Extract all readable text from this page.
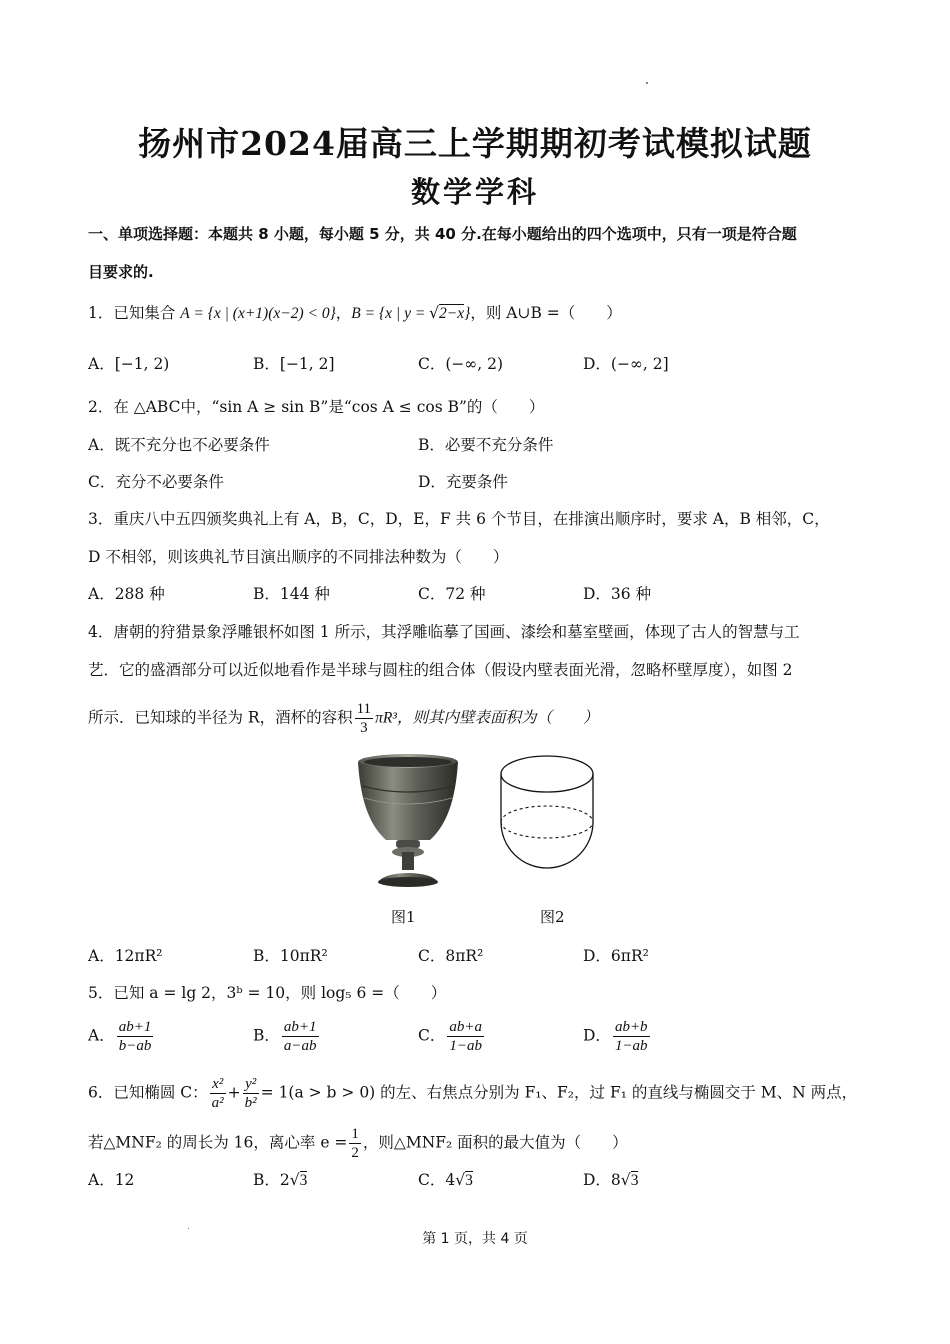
扬州市2024届高三上学期期初考试模拟试题
数学学科
一、单项选择题：本题共 8 小题，每小题 5 分，共 40 分.在每小题给出的四个选项中，只有一项是符合题
目要求的.
1．已知集合 A = {x | (x+1)(x−2) < 0}，B = {x | y = √2−x}，则 A∪B =（　　）
A．[−1, 2)	B．[−1, 2]	C．(−∞, 2)	D．(−∞, 2]
2．在 △ABC中，“sin A ≥ sin B”是“cos A ≤ cos B”的（　　）
A．既不充分也不必要条件	B．必要不充分条件
C．充分不必要条件	D．充要条件
3．重庆八中五四颁奖典礼上有 A，B，C，D，E，F 共 6 个节目，在排演出顺序时，要求 A，B 相邻，C，
D 不相邻，则该典礼节目演出顺序的不同排法种数为（　　）
A．288 种	B．144 种	C．72 种	D．36 种
4．唐朝的狩猎景象浮雕银杯如图 1 所示，其浮雕临摹了国画、漆绘和墓室壁画，体现了古人的智慧与工
艺．它的盛酒部分可以近似地看作是半球与圆柱的组合体（假设内壁表面光滑，忽略杯壁厚度），如图 2
所示．已知球的半径为 R，酒杯的容积 $\frac{11}{3} \pi R^3$，则其内壁表面积为（　　）
图1	图2
A．12πR²	B．10πR²	C．8πR²	D．6πR²
5．已知 a = lg 2，3ᵇ = 10，则 log₅ 6 =（　　）
A． $\frac{ab+1}{b-ab}$	B． $\frac{ab+1}{a-ab}$	C． $\frac{ab+a}{1-ab}$	D． $\frac{ab+b}{1-ab}$
6．已知椭圆 C： $\frac{\text{x²}}{\text{a²}} + \frac{\text{y²}}{\text{b²}} = 1(a > b > 0)$ 的左、右焦点分别为 F₁、F₂，过 F₁ 的直线与椭圆交于 M、N 两点，
若△MNF₂ 的周长为 16，离心率 $e = \frac{1}{2}$ ，则△MNF₂ 面积的最大值为（　　）
A．12	B．2√3	C．4√3	D．8√3
第 1 页，共 4 页
